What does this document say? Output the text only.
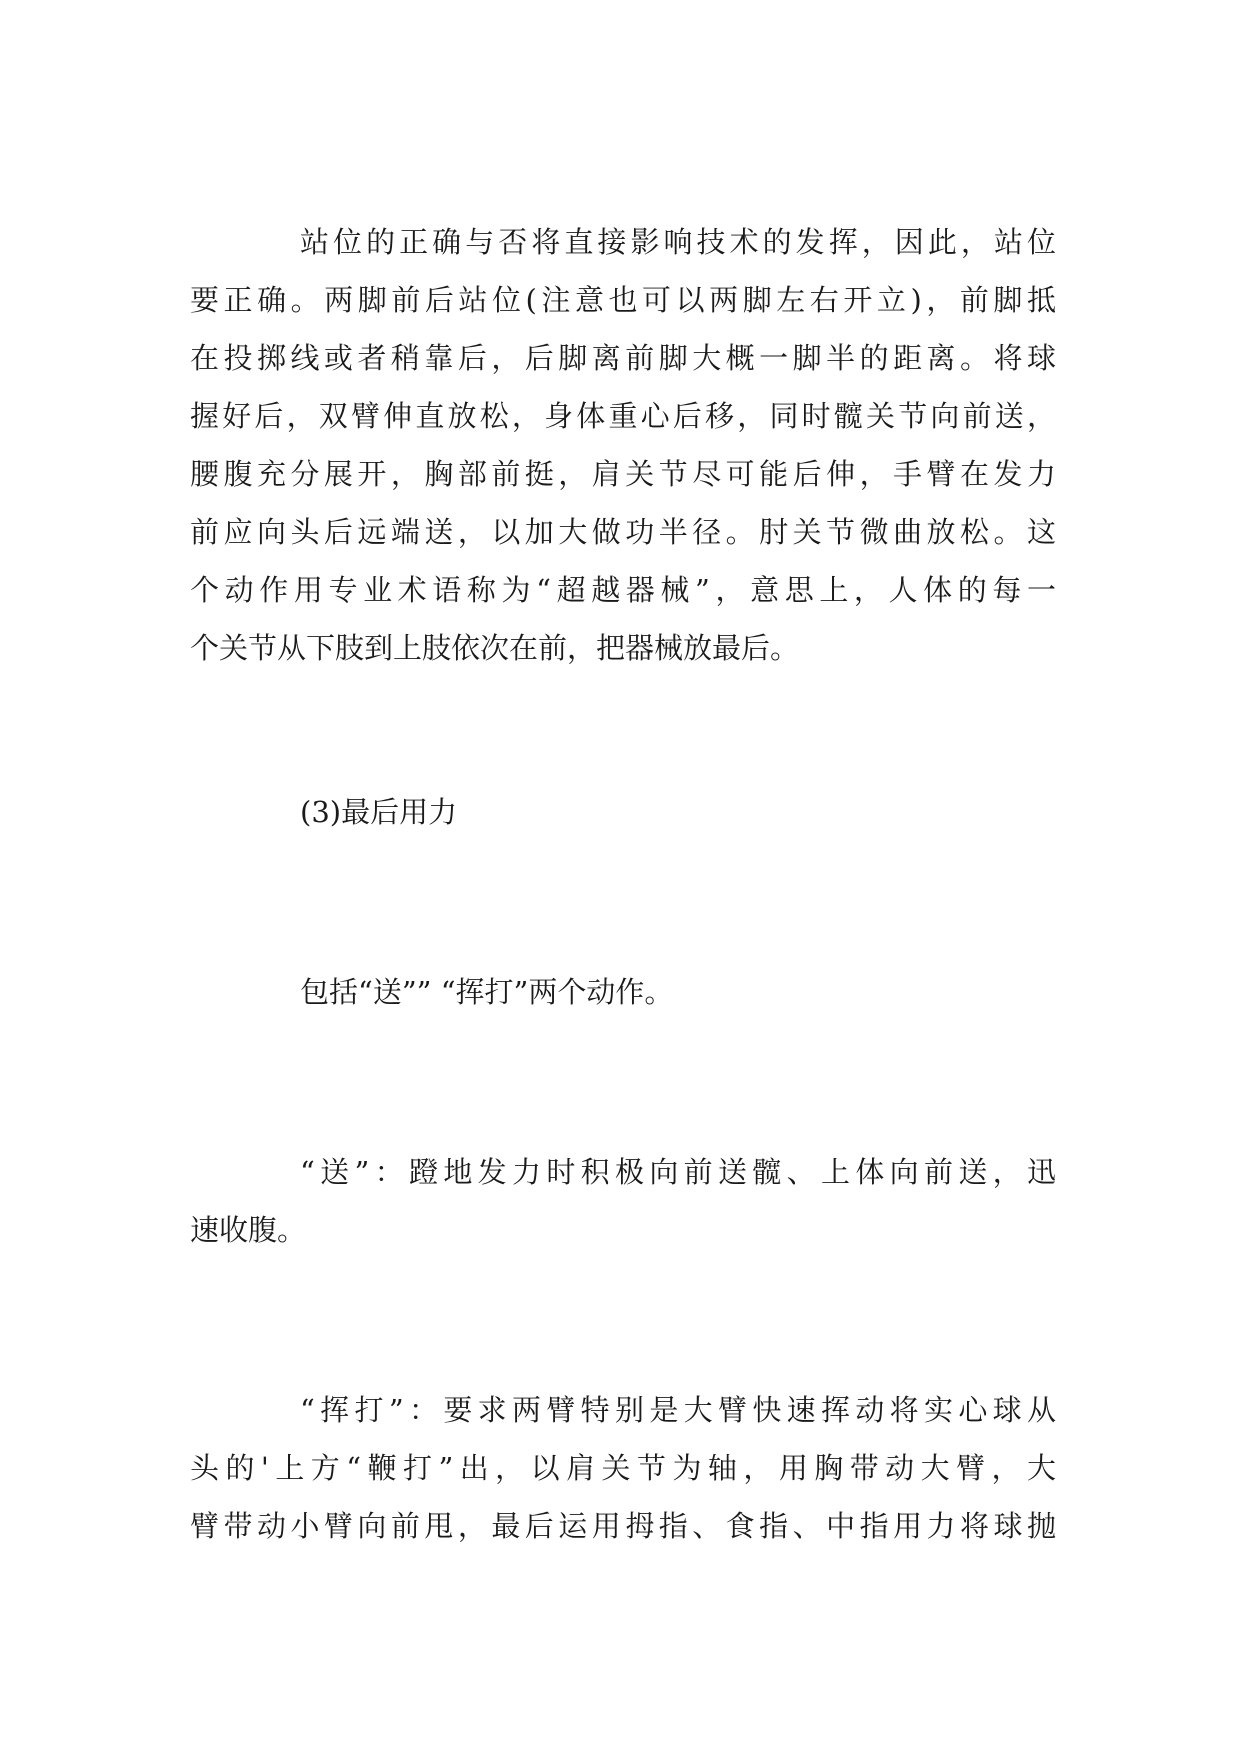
站位的正确与否将直接影响技术的发挥，因此，站位
要正确。两脚前后站位(注意也可以两脚左右开立)，前脚抵
在投掷线或者稍靠后，后脚离前脚大概一脚半的距离。将球
握好后，双臂伸直放松，身体重心后移，同时髋关节向前送，
腰腹充分展开，胸部前挺，肩关节尽可能后伸，手臂在发力
前应向头后远端送，以加大做功半径。肘关节微曲放松。这
个动作用专业术语称为“超越器械”，意思上，人体的每一
个关节从下肢到上肢依次在前，把器械放最后。
(3)最后用力
包括“送”” “挥打”两个动作。
“送”：蹬地发力时积极向前送髋、上体向前送，迅
速收腹。
“挥打”：要求两臂特别是大臂快速挥动将实心球从
头的'上方“鞭打”出，以肩关节为轴，用胸带动大臂，大
臂带动小臂向前甩，最后运用拇指、食指、中指用力将球抛
